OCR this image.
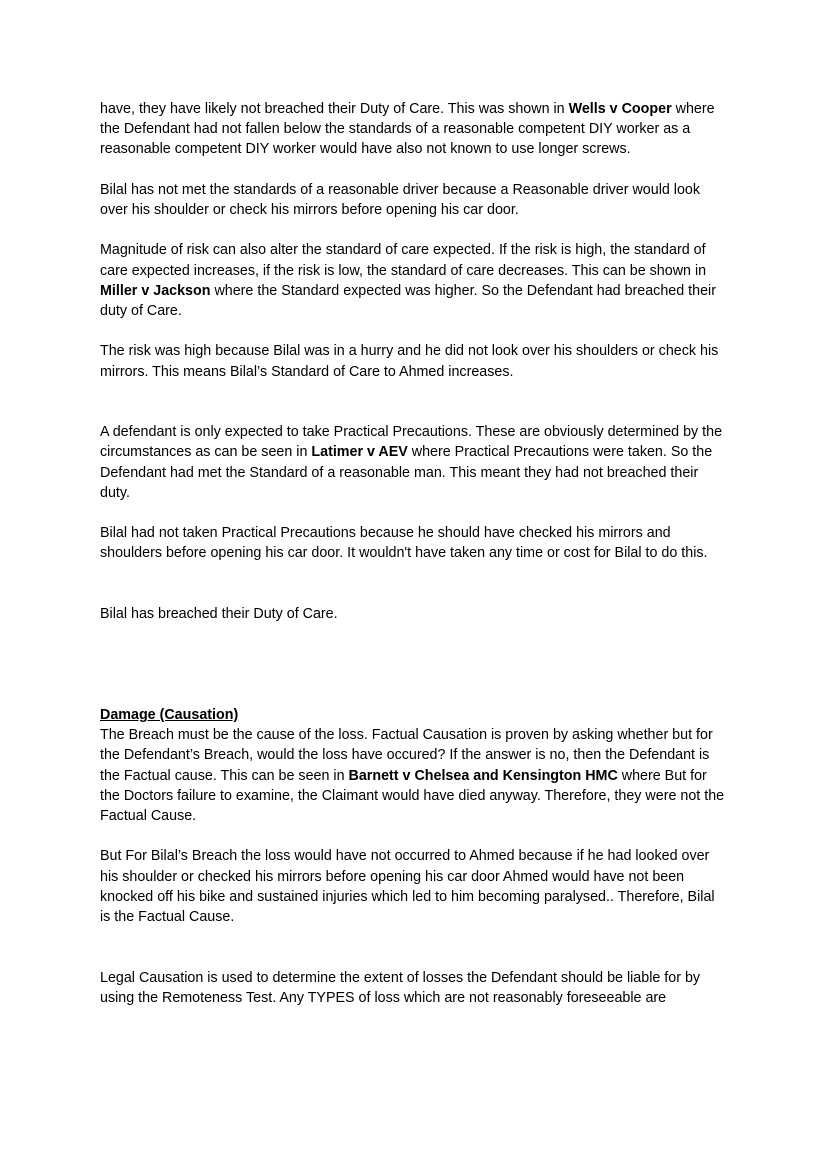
have, they have likely not breached their Duty of Care. This was shown in Wells v Cooper where the Defendant had not fallen below the standards of a reasonable competent DIY worker as a reasonable competent DIY worker would have also not known to use longer screws.

Bilal has not met the standards of a reasonable driver because a Reasonable driver would look over his shoulder or check his mirrors before opening his car door.

Magnitude of risk can also alter the standard of care expected. If the risk is high, the standard of care expected increases, if the risk is low, the standard of care decreases. This can be shown in Miller v Jackson where the Standard expected was higher. So the Defendant had breached their duty of Care.

The risk was high because Bilal was in a hurry and he did not look over his shoulders or check his mirrors. This means Bilal’s Standard of Care to Ahmed increases.

A defendant is only expected to take Practical Precautions. These are obviously determined by the circumstances as can be seen in Latimer v AEV where Practical Precautions were taken. So the Defendant had met the Standard of a reasonable man. This meant they had not breached their duty.

Bilal had not taken Practical Precautions because he should have checked his mirrors and shoulders before opening his car door. It wouldn't have taken any time or cost for Bilal to do this.

Bilal has breached their Duty of Care.

Damage (Causation)
The Breach must be the cause of the loss. Factual Causation is proven by asking whether but for the Defendant’s Breach, would the loss have occured? If the answer is no, then the Defendant is the Factual cause. This can be seen in Barnett v Chelsea and Kensington HMC where But for the Doctors failure to examine, the Claimant would have died anyway. Therefore, they were not the Factual Cause.

But For Bilal’s Breach the loss would have not occurred to Ahmed because if he had looked over his shoulder or checked his mirrors before opening his car door Ahmed would have not been knocked off his bike and sustained injuries which led to him becoming paralysed.. Therefore, Bilal is the Factual Cause.

Legal Causation is used to determine the extent of losses the Defendant should be liable for by using the Remoteness Test. Any TYPES of loss which are not reasonably foreseeable are
